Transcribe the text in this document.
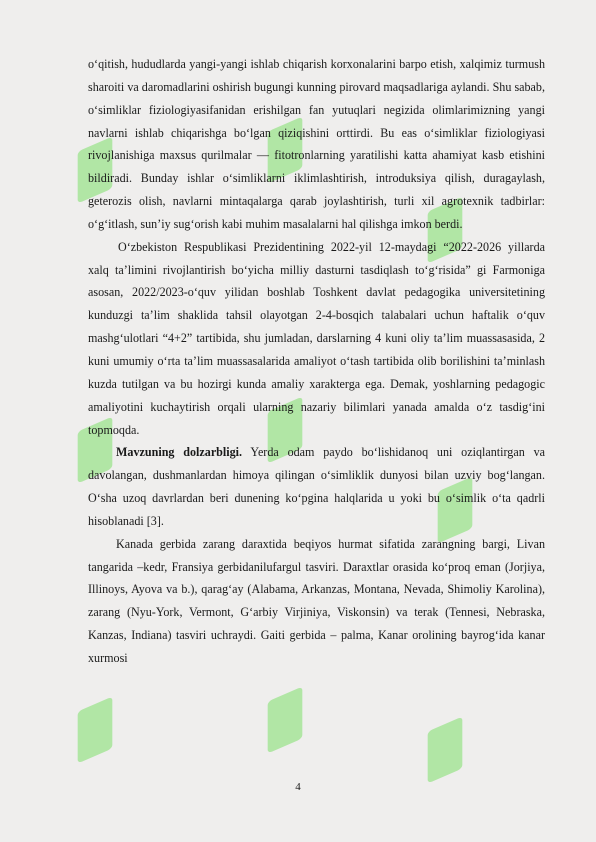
o‘qitish, hududlarda yangi-yangi ishlab chiqarish korxonalarini barpo etish, xalqimiz turmush sharoiti va daromadlarini oshirish bugungi kunning pirovard maqsadlariga aylandi. Shu sabab, o‘simliklar fiziologiyasifanidan erishilgan fan yutuqlari negizida olimlarimizning yangi navlarni ishlab chiqarishga bo‘lgan qiziqishini orttirdi. Bu eas o‘simliklar fiziologiyasi rivojlanishiga maxsus qurilmalar — fitotronlarning yaratilishi katta ahamiyat kasb etishini bildiradi. Bunday ishlar o‘simliklarni iklimlashtirish, introduksiya qilish, duragaylash, geterozis olish, navlarni mintaqalarga qarab joylashtirish, turli xil agrotexnik tadbirlar: o‘g‘itlash, sun’iy sug‘orish kabi muhim masalalarni hal qilishga imkon berdi.

O‘zbekiston Respublikasi Prezidentining 2022-yil 12-maydagi “2022-2026 yillarda xalq ta’limini rivojlantirish bo‘yicha milliy dasturni tasdiqlash to‘g‘risida” gi Farmoniga asosan, 2022/2023-o‘quv yilidan boshlab Toshkent davlat pedagogika universitetining kunduzgi ta’lim shaklida tahsil olayotgan 2-4-bosqich talabalari uchun haftalik o‘quv mashg‘ulotlari “4+2” tartibida, shu jumladan, darslarning 4 kuni oliy ta’lim muassasasida, 2 kuni umumiy o‘rta ta’lim muassasalarida amaliyot o‘tash tartibida olib borilishini ta’minlash kuzda tutilgan va bu hozirgi kunda amaliy xarakterga ega. Demak, yoshlarning pedagogic amaliyotini kuchaytirish orqali ularning nazariy bilimlari yanada amalda o‘z tasdig‘ini topmoqda.

Mavzuning dolzarbligi. Yerda odam paydo bo‘lishidanoq uni oziqlantirgan va davolangan, dushmanlardan himoya qilingan o‘simliklik dunyosi bilan uzviy bog‘langan. O‘sha uzoq davrlardan beri dunening ko‘pgina halqlarida u yoki bu o‘simlik o‘ta qadrli hisoblanadi [3].

Kanada gerbida zarang daraxtida beqiyos hurmat sifatida zarangning bargi, Livan tangarida –kedr, Fransiya gerbidanilufargul tasviri. Daraxtlar orasida ko‘proq eman (Jorjiya, Illinoys, Ayova va b.), qarag‘ay (Alabama, Arkanzas, Montana, Nevada, Shimoliy Karolina), zarang (Nyu-York, Vermont, G‘arbiy Virjiniya, Viskonsin) va terak (Tennesi, Nebraska, Kanzas, Indiana) tasviri uchraydi. Gaiti gerbida – palma, Kanar orolining bayrog‘ida kanar xurmosi

4
